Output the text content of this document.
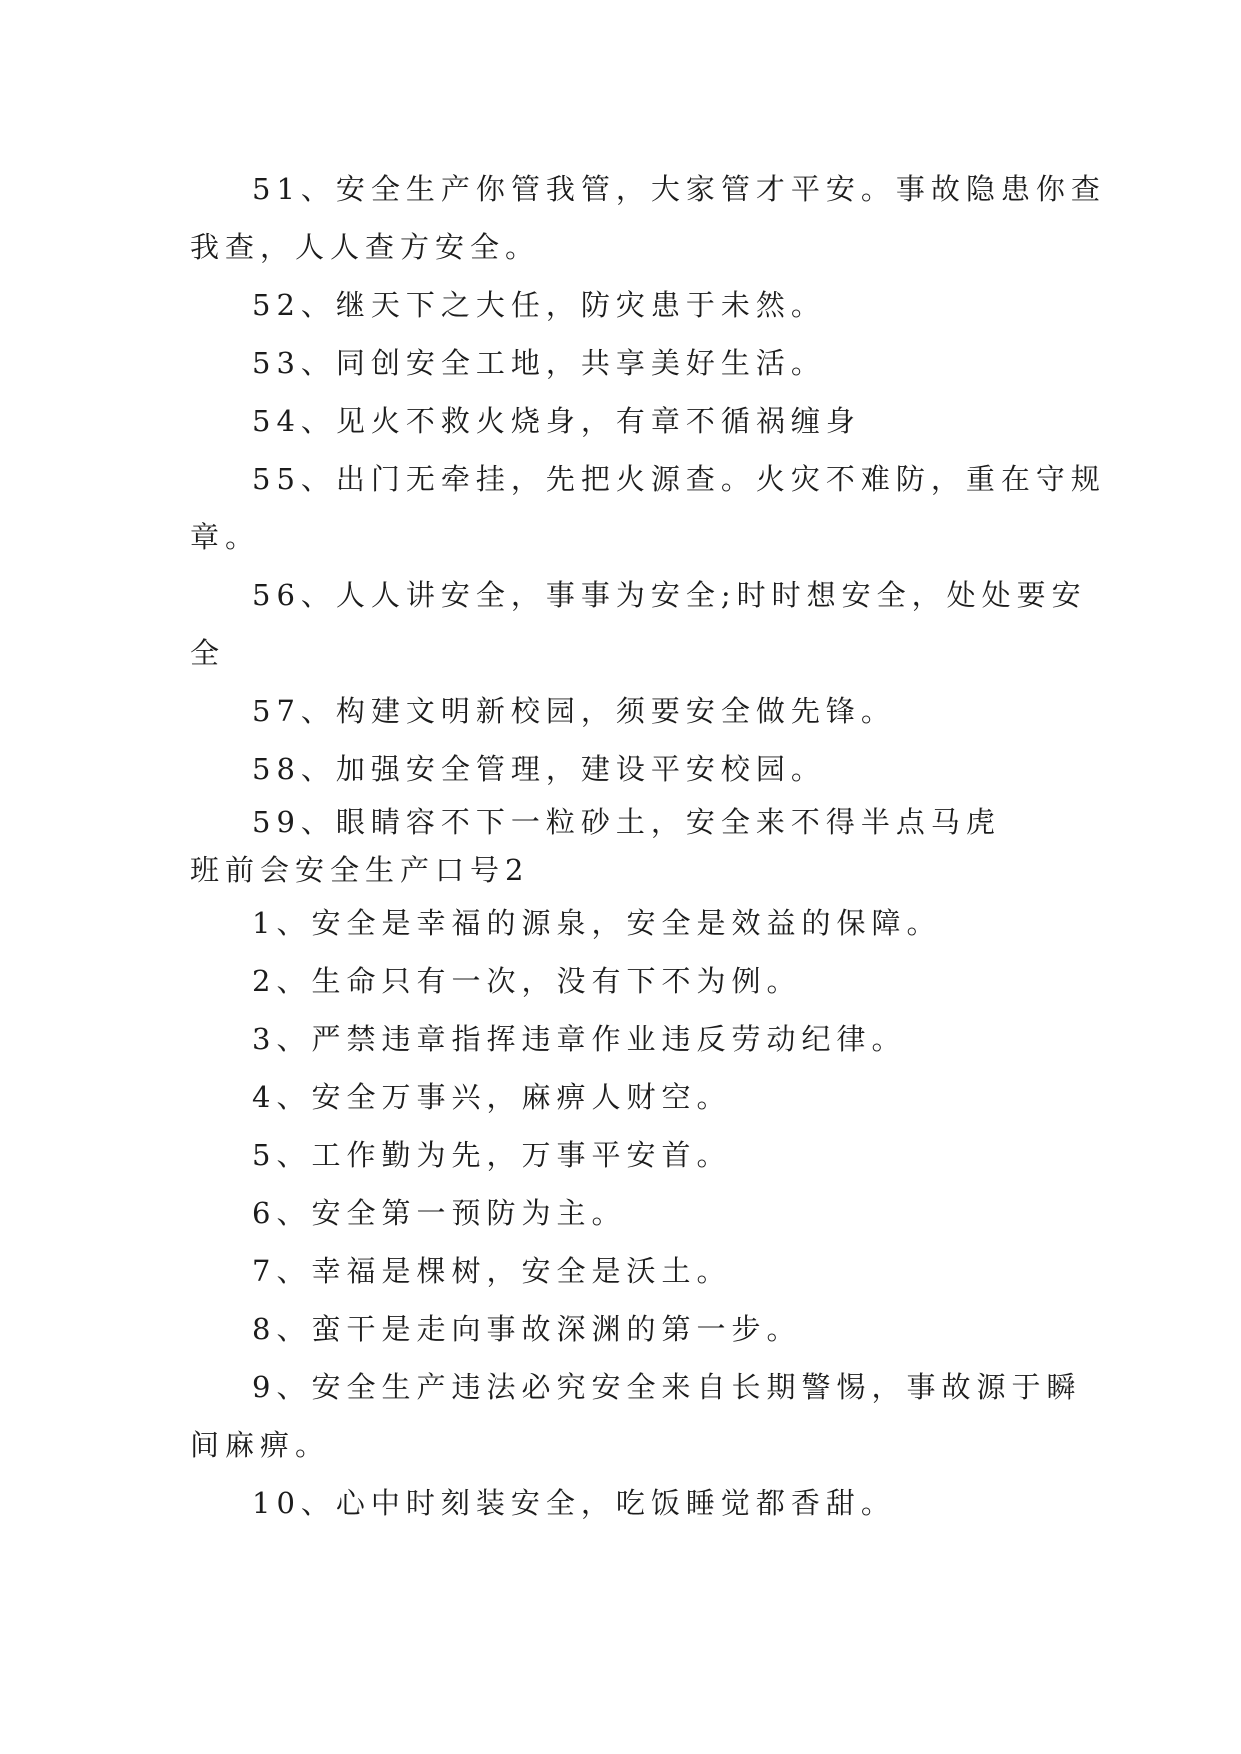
51、安全生产你管我管，大家管才平安。事故隐患你查
我查，人人查方安全。
52、继天下之大任，防灾患于未然。
53、同创安全工地，共享美好生活。
54、见火不救火烧身，有章不循祸缠身
55、出门无牵挂，先把火源查。火灾不难防，重在守规
章。
56、人人讲安全，事事为安全;时时想安全，处处要安
全
57、构建文明新校园，须要安全做先锋。
58、加强安全管理，建设平安校园。
59、眼睛容不下一粒砂土，安全来不得半点马虎
班前会安全生产口号2
1、安全是幸福的源泉，安全是效益的保障。
2、生命只有一次，没有下不为例。
3、严禁违章指挥违章作业违反劳动纪律。
4、安全万事兴，麻痹人财空。
5、工作勤为先，万事平安首。
6、安全第一预防为主。
7、幸福是棵树，安全是沃土。
8、蛮干是走向事故深渊的第一步。
9、安全生产违法必究安全来自长期警惕，事故源于瞬
间麻痹。
10、心中时刻装安全，吃饭睡觉都香甜。
